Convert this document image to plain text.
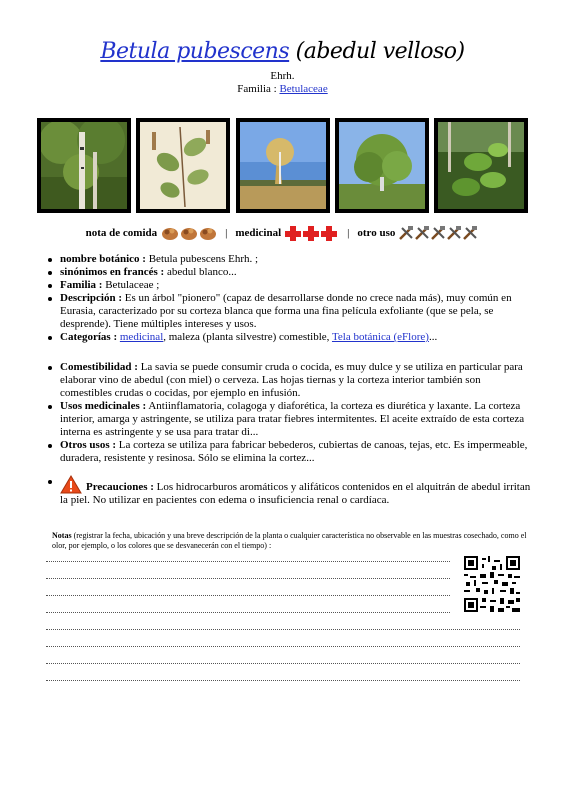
Betula pubescens (abedul velloso)
Ehrh.
Familia : Betulaceae
nota de comida	| medicinal	| otro uso
nombre botánico : Betula pubescens Ehrh. ;
sinónimos en francés : abedul blanco...
Familia : Betulaceae ;
Descripción : Es un árbol "pionero" (capaz de desarrollarse donde no crece nada más), muy común en Eurasia, caracterizado por su corteza blanca que forma una fina película exfoliante (que se pela, se desprende). Tiene múltiples intereses y usos.
Categorías : medicinal, maleza (planta silvestre) comestible, Tela botánica (eFlore)...
Comestibilidad : La savia se puede consumir cruda o cocida, es muy dulce y se utiliza en particular para elaborar vino de abedul (con miel) o cerveza. Las hojas tiernas y la corteza interior también son comestibles crudas o cocidas, por ejemplo en infusión.
Usos medicinales : Antiinflamatoria, colagoga y diaforética, la corteza es diurética y laxante. La corteza interior, amarga y astringente, se utiliza para tratar fiebres intermitentes. El aceite extraído de esta corteza interna es astringente y se usa para tratar di...
Otros usos : La corteza se utiliza para fabricar bebederos, cubiertas de canoas, tejas, etc. Es impermeable, duradera, resistente y resinosa. Sólo se elimina la cortez...
Precauciones : Los hidrocarburos aromáticos y alifáticos contenidos en el alquitrán de abedul irritan la piel. No utilizar en pacientes con edema o insuficiencia renal o cardíaca.
Notas (registrar la fecha, ubicación y una breve descripción de la planta o cualquier característica no observable en las muestras cosechado, como el olor, por ejemplo, o los colores que se desvanecerán con el tiempo) :
